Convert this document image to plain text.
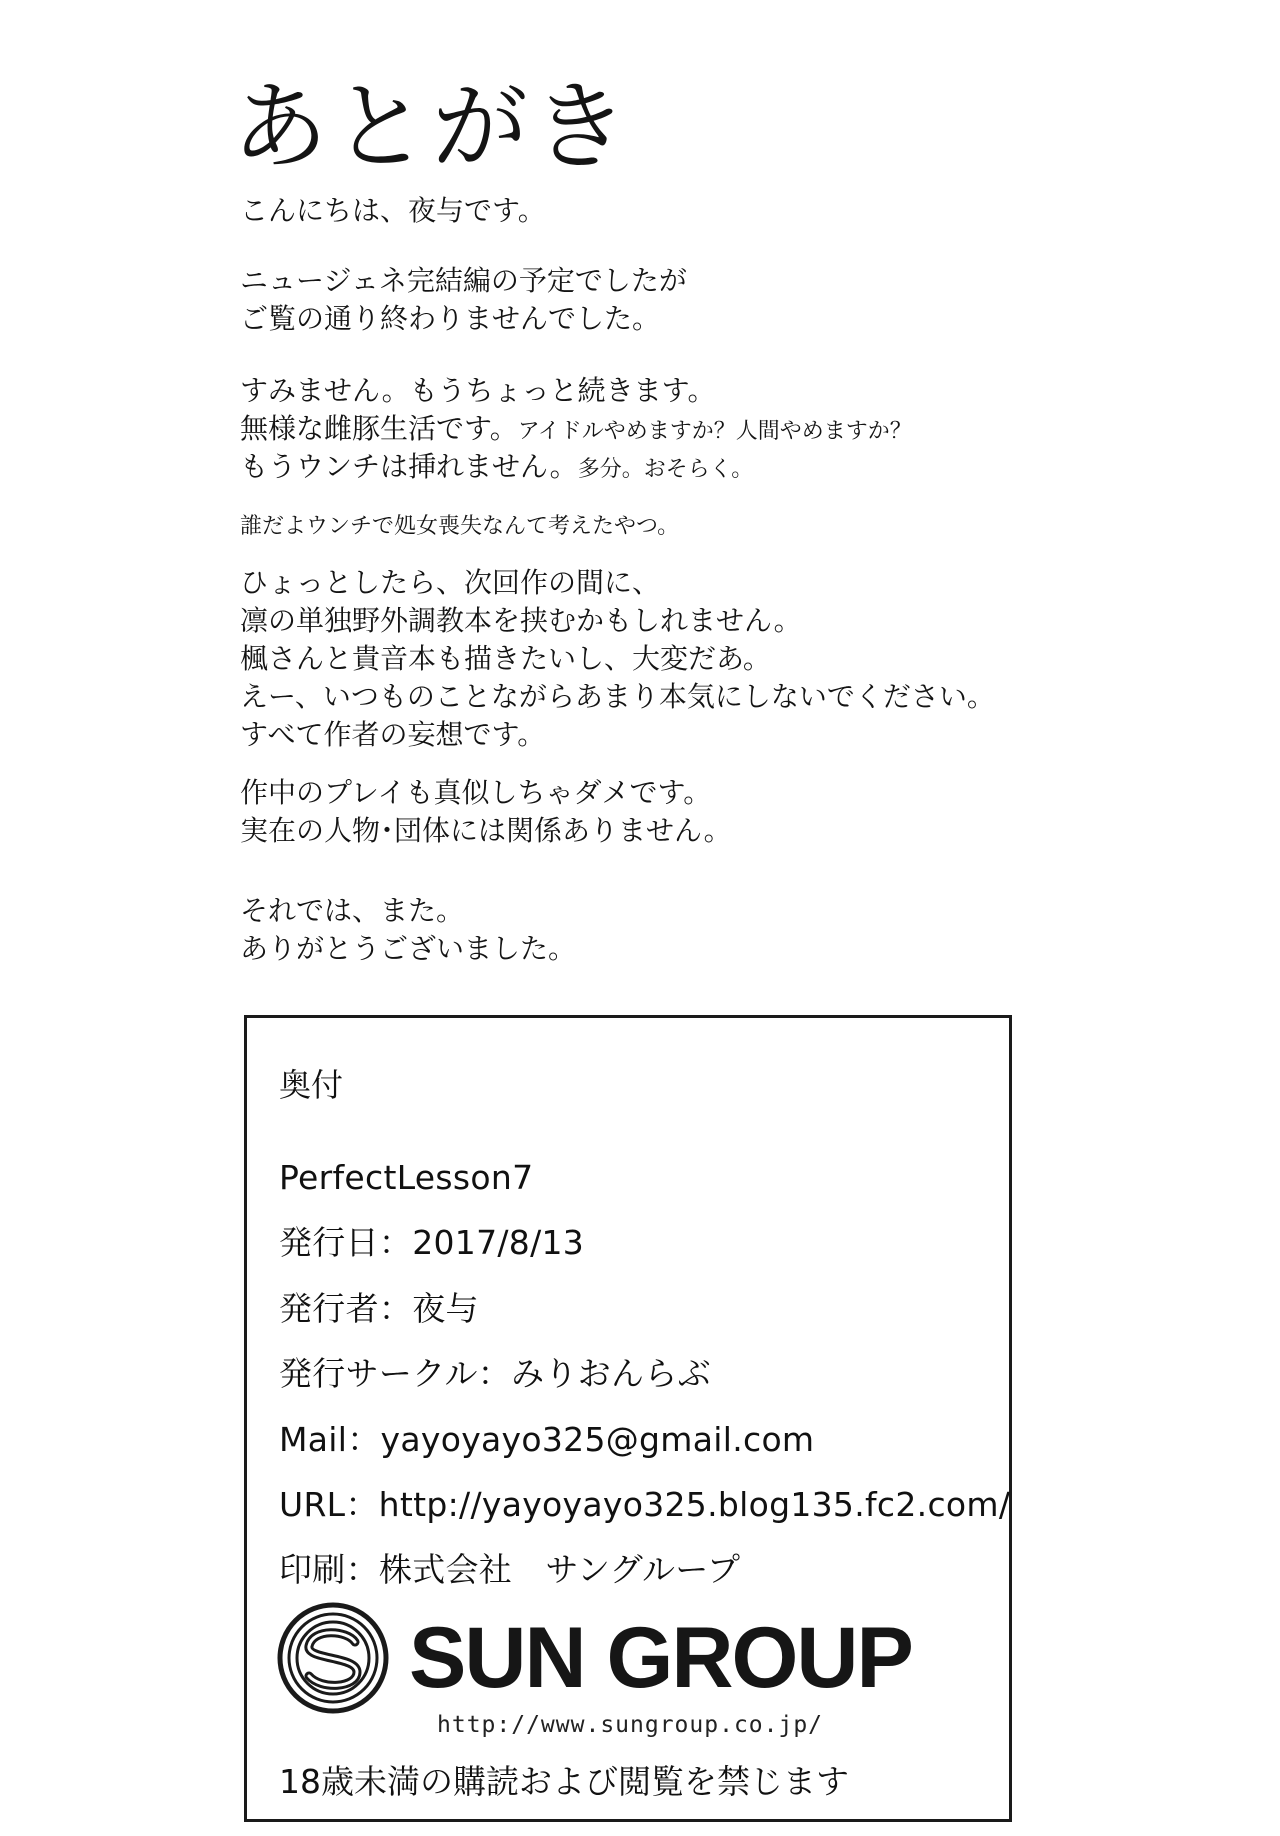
あとがき
こんにちは、夜与です。
ニュージェネ完結編の予定でしたが
ご覧の通り終わりませんでした。
すみません。もうちょっと続きます。
無様な雌豚生活です。アイドルやめますか？人間やめますか？
もうウンチは挿れません。多分。おそらく。
誰だよウンチで処女喪失なんて考えたやつ。
ひょっとしたら、次回作の間に、
凛の単独野外調教本を挟むかもしれません。
楓さんと貴音本も描きたいし、大変だあ。
えー、いつものことながらあまり本気にしないでください。
すべて作者の妄想です。
作中のプレイも真似しちゃダメです。
実在の人物･団体には関係ありません。
それでは、また。
ありがとうございました。
奥付
PerfectLesson7
発行日：2017/8/13
発行者：夜与
発行サークル：みりおんらぶ
Mail：yayoyayo325@gmail.com
URL：http://yayoyayo325.blog135.fc2.com/
印刷：株式会社　サングループ
SUN GROUP
http://www.sungroup.co.jp/
18歳未満の購読および閲覧を禁じます
